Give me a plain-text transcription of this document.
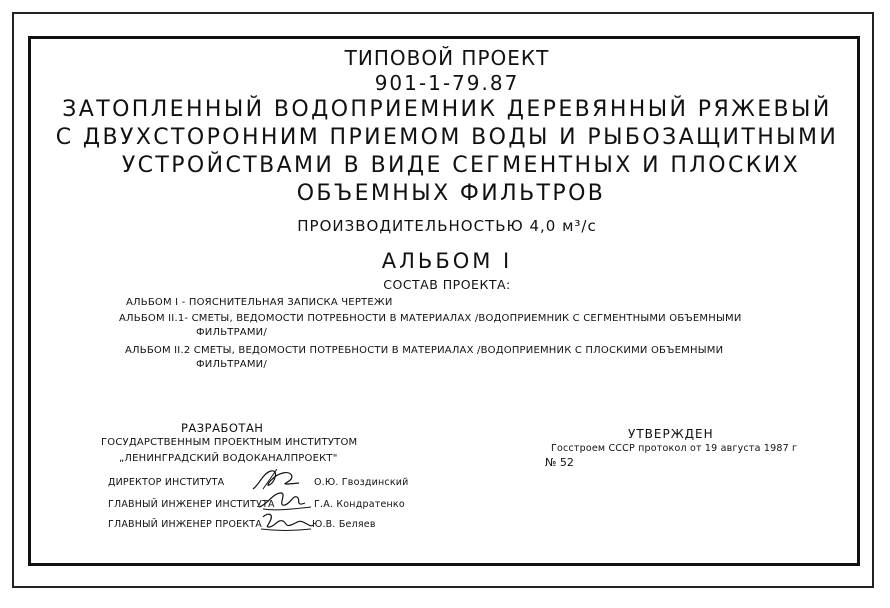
ТИПОВОЙ ПРОЕКТ
901-1-79.87
ЗАТОПЛЕННЫЙ ВОДОПРИЕМНИК ДЕРЕВЯННЫЙ РЯЖЕВЫЙ
С ДВУХСТОРОННИМ ПРИЕМОМ ВОДЫ И РЫБОЗАЩИТНЫМИ
УСТРОЙСТВАМИ В ВИДЕ СЕГМЕНТНЫХ И ПЛОСКИХ
ОБЪЕМНЫХ ФИЛЬТРОВ
ПРОИЗВОДИТЕЛЬНОСТЬЮ 4,0 м³/с
АЛЬБОМ I
СОСТАВ ПРОЕКТА:
АЛЬБОМ I - ПОЯСНИТЕЛЬНАЯ ЗАПИСКА ЧЕРТЕЖИ
АЛЬБОМ II.1- СМЕТЫ, ВЕДОМОСТИ ПОТРЕБНОСТИ В МАТЕРИАЛАХ /ВОДОПРИЕМНИК С СЕГМЕНТНЫМИ ОБЪЕМНЫМИ
ФИЛЬТРАМИ/
АЛЬБОМ II.2 СМЕТЫ, ВЕДОМОСТИ ПОТРЕБНОСТИ В МАТЕРИАЛАХ /ВОДОПРИЕМНИК С ПЛОСКИМИ ОБЪЕМНЫМИ
ФИЛЬТРАМИ/
РАЗРАБОТАН
ГОСУДАРСТВЕННЫМ ПРОЕКТНЫМ ИНСТИТУТОМ
„ЛЕНИНГРАДСКИЙ ВОДОКАНАЛПРОЕКТ"
ДИРЕКТОР ИНСТИТУТА	О.Ю. Гвоздинский
ГЛАВНЫЙ ИНЖЕНЕР ИНСТИТУТА	Г.А. Кондратенко
ГЛАВНЫЙ ИНЖЕНЕР ПРОЕКТА	Ю.В. Беляев
УТВЕРЖДЕН
Госстроем СССР протокол от 19 августа 1987 г
№ 52
